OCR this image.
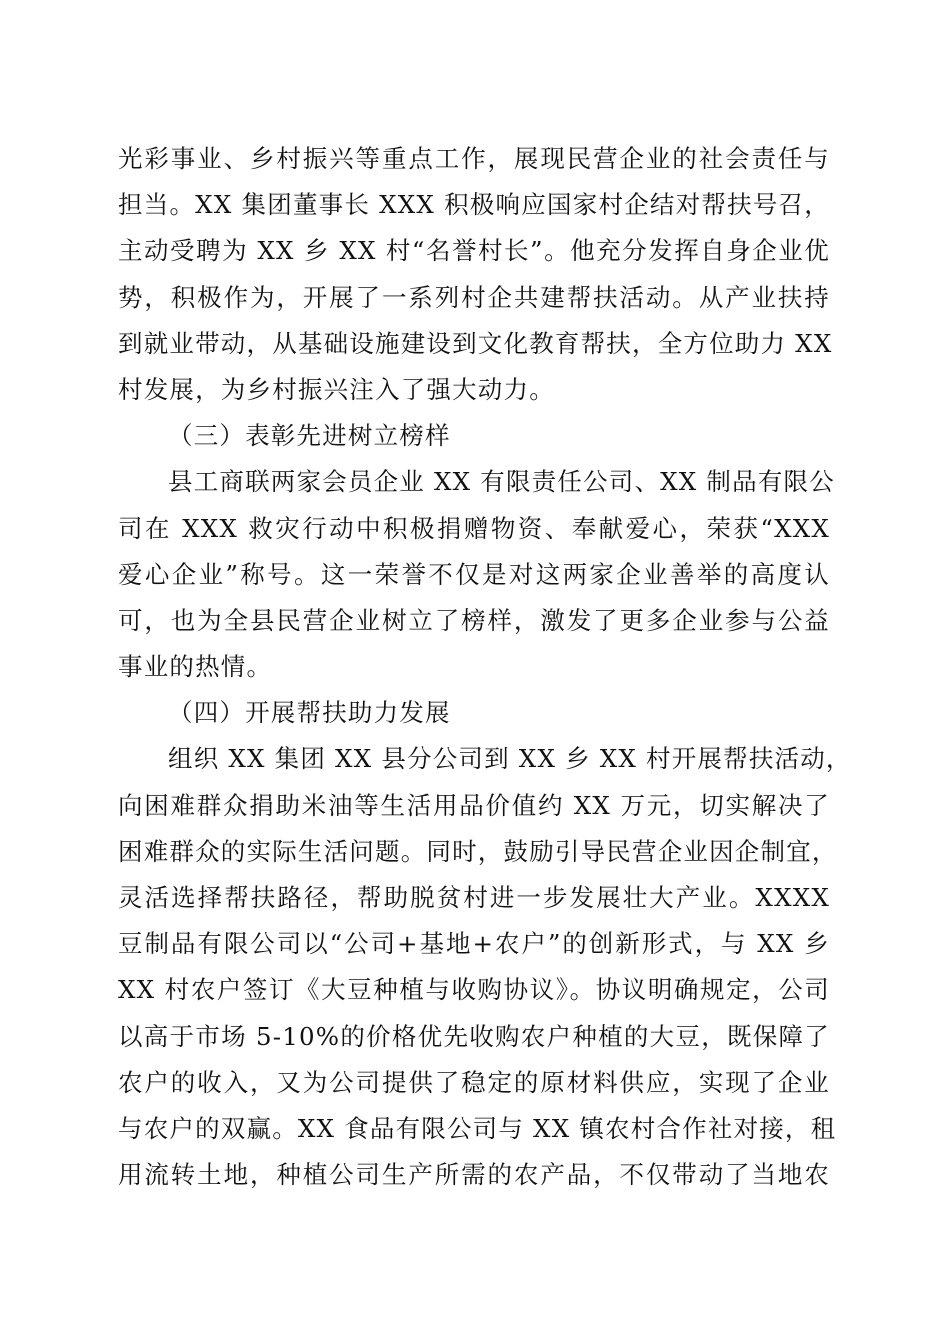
光彩事业、乡村振兴等重点工作，展现民营企业的社会责任与
担当。XX 集团董事长 XXX 积极响应国家村企结对帮扶号召，
主动受聘为 XX 乡 XX 村“名誉村长”。他充分发挥自身企业优
势，积极作为，开展了一系列村企共建帮扶活动。从产业扶持
到就业带动，从基础设施建设到文化教育帮扶，全方位助力 XX
村发展，为乡村振兴注入了强大动力。
（三）表彰先进树立榜样
县工商联两家会员企业 XX 有限责任公司、XX 制品有限公
司在 XXX 救灾行动中积极捐赠物资、奉献爱心，荣获“XXX
爱心企业”称号。这一荣誉不仅是对这两家企业善举的高度认
可，也为全县民营企业树立了榜样，激发了更多企业参与公益
事业的热情。
（四）开展帮扶助力发展
组织 XX 集团 XX 县分公司到 XX 乡 XX 村开展帮扶活动，
向困难群众捐助米油等生活用品价值约 XX 万元，切实解决了
困难群众的实际生活问题。同时，鼓励引导民营企业因企制宜，
灵活选择帮扶路径，帮助脱贫村进一步发展壮大产业。XXXX
豆制品有限公司以“公司+基地+农户”的创新形式，与 XX 乡
XX 村农户签订《大豆种植与收购协议》。协议明确规定，公司
以高于市场 5-10%的价格优先收购农户种植的大豆，既保障了
农户的收入，又为公司提供了稳定的原材料供应，实现了企业
与农户的双赢。XX 食品有限公司与 XX 镇农村合作社对接，租
用流转土地，种植公司生产所需的农产品，不仅带动了当地农
